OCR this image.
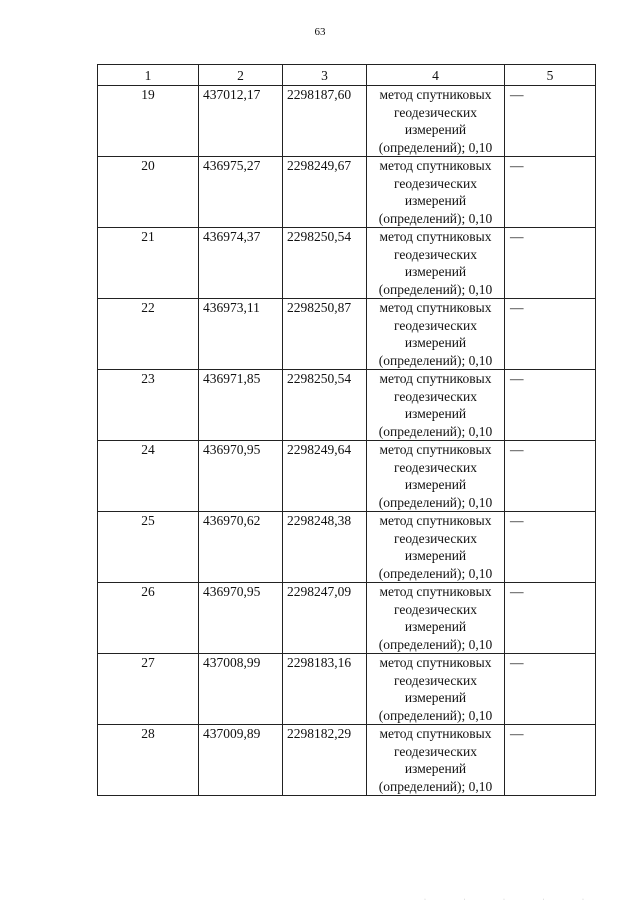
63
1	2	3	4	5
19	437012,17	2298187,60	метод спутниковых геодезических измерений (определений); 0,10	—
20	436975,27	2298249,67	метод спутниковых геодезических измерений (определений); 0,10	—
21	436974,37	2298250,54	метод спутниковых геодезических измерений (определений); 0,10	—
22	436973,11	2298250,87	метод спутниковых геодезических измерений (определений); 0,10	—
23	436971,85	2298250,54	метод спутниковых геодезических измерений (определений); 0,10	—
24	436970,95	2298249,64	метод спутниковых геодезических измерений (определений); 0,10	—
25	436970,62	2298248,38	метод спутниковых геодезических измерений (определений); 0,10	—
26	436970,95	2298247,09	метод спутниковых геодезических измерений (определений); 0,10	—
27	437008,99	2298183,16	метод спутниковых геодезических измерений (определений); 0,10	—
28	437009,89	2298182,29	метод спутниковых геодезических измерений (определений); 0,10	—
· · · · ·
